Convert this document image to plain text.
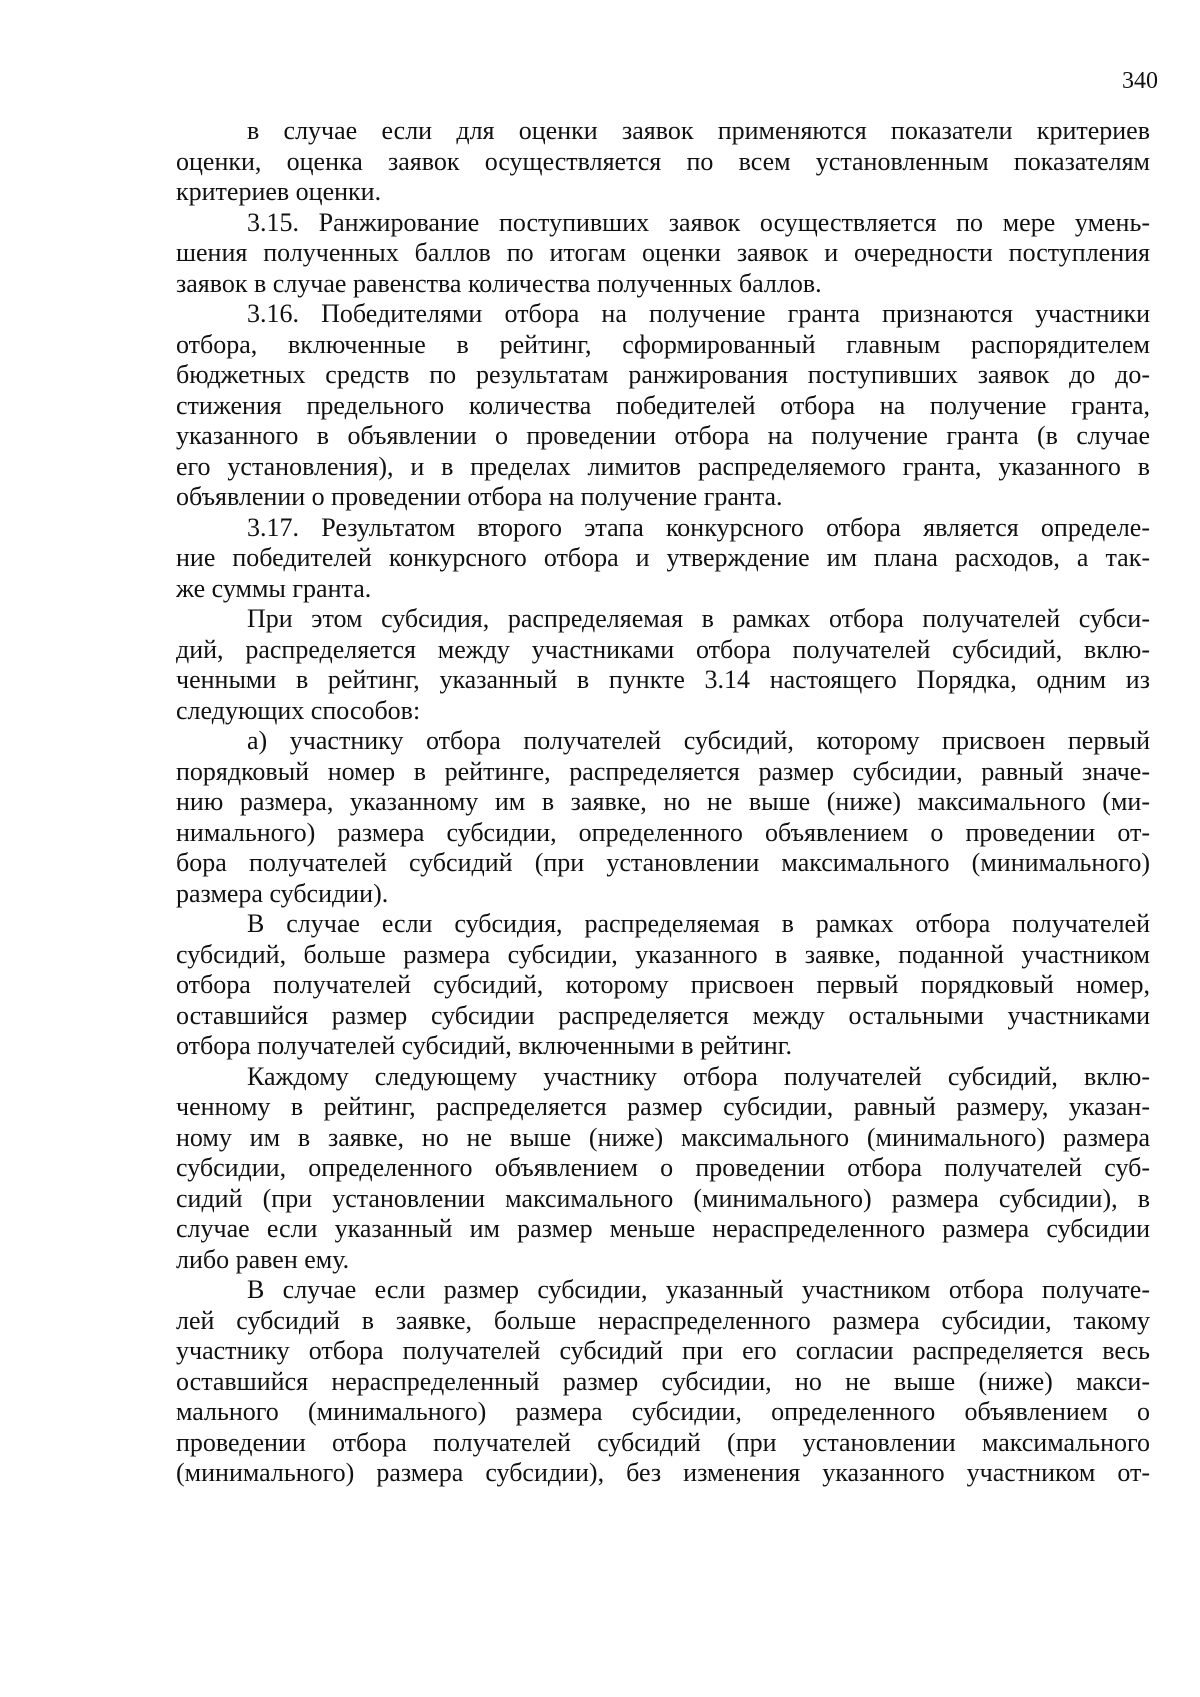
340
в случае если для оценки заявок применяются показатели критериев
оценки, оценка заявок осуществляется по всем установленным показателям
критериев оценки.
3.15. Ранжирование поступивших заявок осуществляется по мере умень-
шения полученных баллов по итогам оценки заявок и очередности поступления
заявок в случае равенства количества полученных баллов.
3.16. Победителями отбора на получение гранта признаются участники
отбора, включенные в рейтинг, сформированный главным распорядителем
бюджетных средств по результатам ранжирования поступивших заявок до до-
стижения предельного количества победителей отбора на получение гранта,
указанного в объявлении о проведении отбора на получение гранта (в случае
его установления), и в пределах лимитов распределяемого гранта, указанного в
объявлении о проведении отбора на получение гранта.
3.17. Результатом второго этапа конкурсного отбора является определе-
ние победителей конкурсного отбора и утверждение им плана расходов, а так-
же суммы гранта.
При этом субсидия, распределяемая в рамках отбора получателей субси-
дий, распределяется между участниками отбора получателей субсидий, вклю-
ченными в рейтинг, указанный в пункте 3.14 настоящего Порядка, одним из
следующих способов:
а) участнику отбора получателей субсидий, которому присвоен первый
порядковый номер в рейтинге, распределяется размер субсидии, равный значе-
нию размера, указанному им в заявке, но не выше (ниже) максимального (ми-
нимального) размера субсидии, определенного объявлением о проведении от-
бора получателей субсидий (при установлении максимального (минимального)
размера субсидии).
В случае если субсидия, распределяемая в рамках отбора получателей
субсидий, больше размера субсидии, указанного в заявке, поданной участником
отбора получателей субсидий, которому присвоен первый порядковый номер,
оставшийся размер субсидии распределяется между остальными участниками
отбора получателей субсидий, включенными в рейтинг.
Каждому следующему участнику отбора получателей субсидий, вклю-
ченному в рейтинг, распределяется размер субсидии, равный размеру, указан-
ному им в заявке, но не выше (ниже) максимального (минимального) размера
субсидии, определенного объявлением о проведении отбора получателей суб-
сидий (при установлении максимального (минимального) размера субсидии), в
случае если указанный им размер меньше нераспределенного размера субсидии
либо равен ему.
В случае если размер субсидии, указанный участником отбора получате-
лей субсидий в заявке, больше нераспределенного размера субсидии, такому
участнику отбора получателей субсидий при его согласии распределяется весь
оставшийся нераспределенный размер субсидии, но не выше (ниже) макси-
мального (минимального) размера субсидии, определенного объявлением о
проведении отбора получателей субсидий (при установлении максимального
(минимального) размера субсидии), без изменения указанного участником от-
